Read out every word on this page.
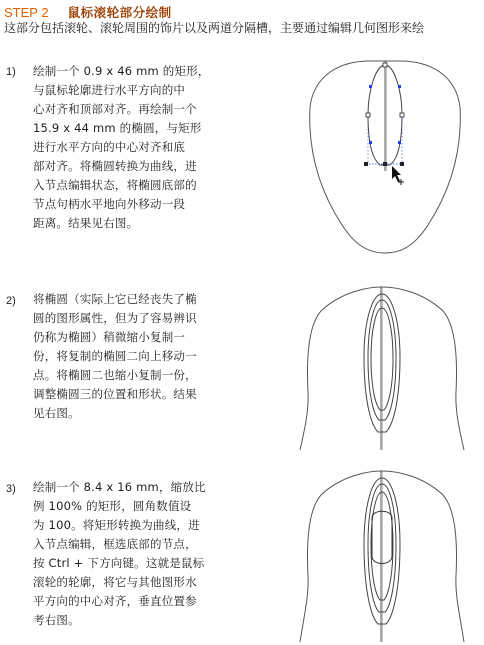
STEP 2 鼠标滚轮部分绘制
这部分包括滚轮、滚轮周围的饰片以及两道分隔槽，主要通过编辑几何图形来绘
1) 绘制一个 0.9 x 46 mm 的矩形，
与鼠标轮廓进行水平方向的中
心对齐和顶部对齐。再绘制一个
15.9 x 44 mm 的椭圆，与矩形
进行水平方向的中心对齐和底
部对齐。将椭圆转换为曲线，进
入节点编辑状态，将椭圆底部的
节点句柄水平地向外移动一段
距离。结果见右图。
2) 将椭圆（实际上它已经丧失了椭
圆的图形属性，但为了容易辨识
仍称为椭圆）稍微缩小复制一
份，将复制的椭圆二向上移动一
点。将椭圆二也缩小复制一份，
调整椭圆三的位置和形状。结果
见右图。
3) 绘制一个 8.4 x 16 mm，缩放比
例 100% 的矩形，圆角数值设
为 100。将矩形转换为曲线，进
入节点编辑，框选底部的节点，
按 Ctrl + 下方向键。这就是鼠标
滚轮的轮廓，将它与其他图形水
平方向的中心对齐，垂直位置参
考右图。
